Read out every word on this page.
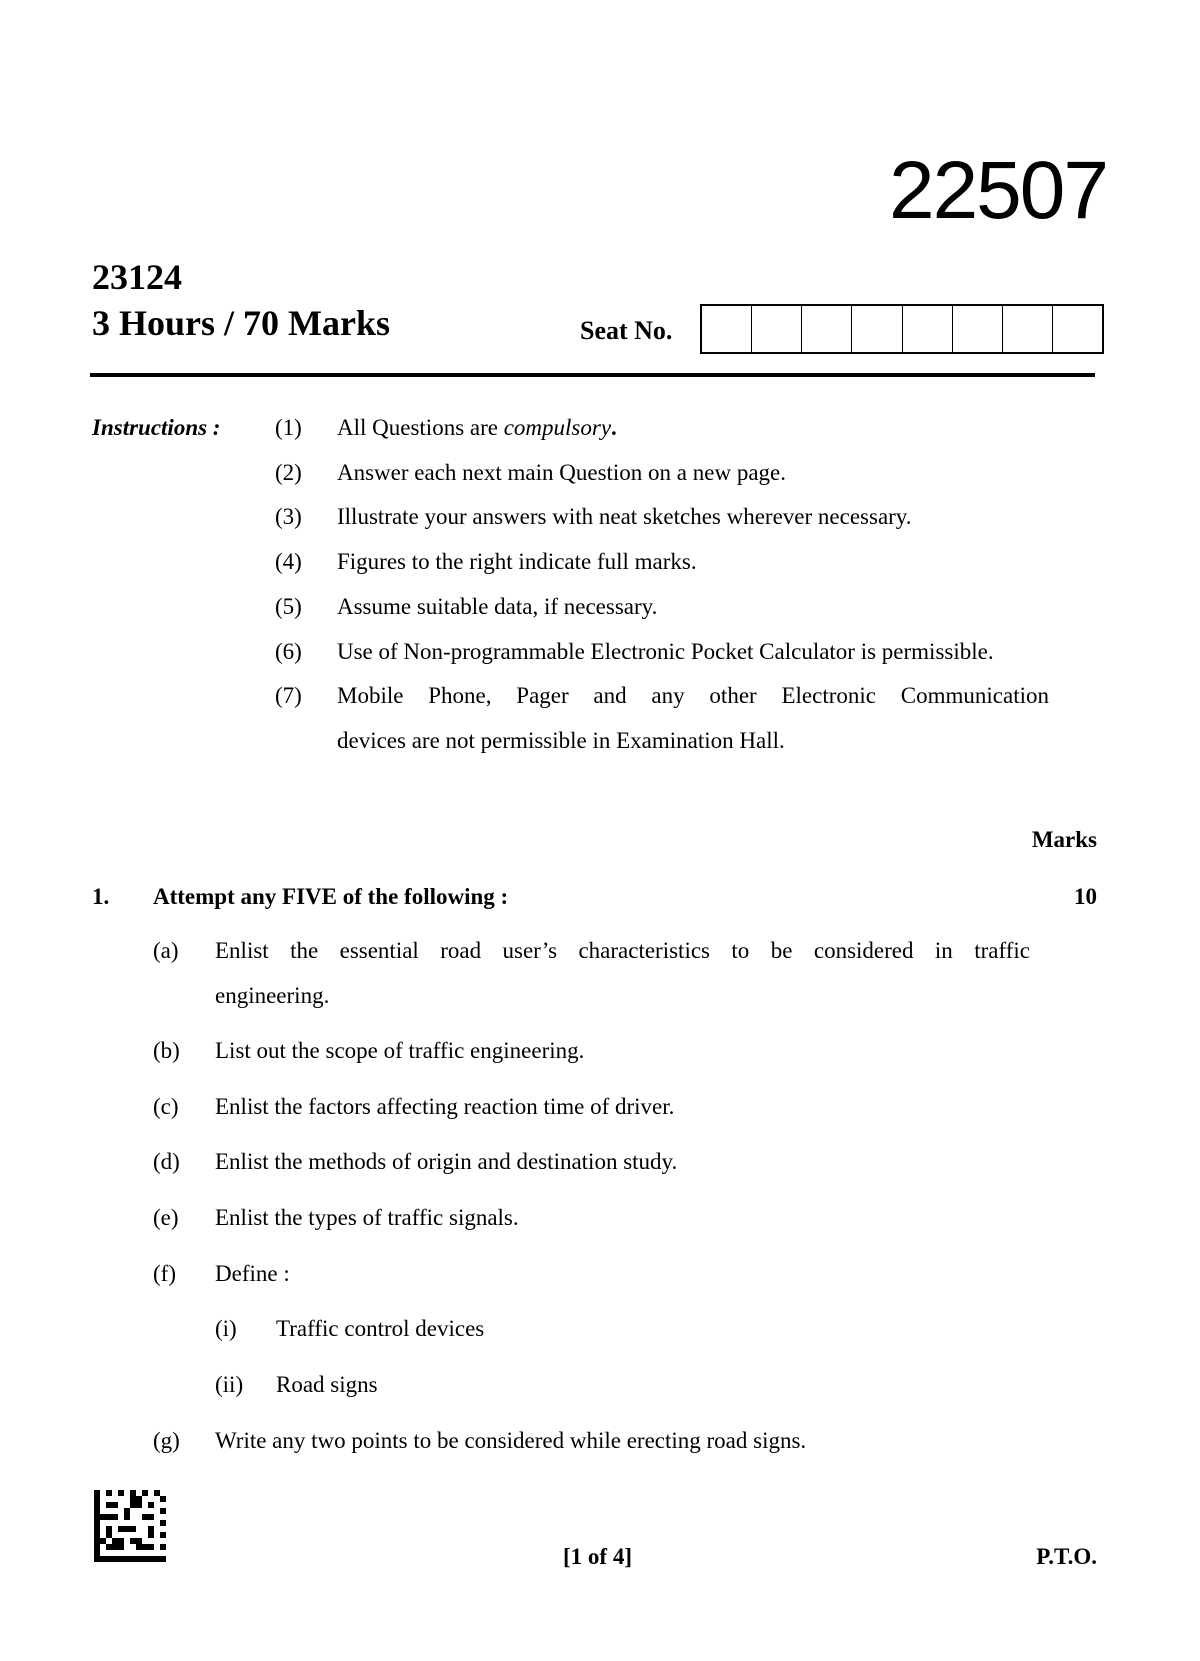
22507
23124
3 Hours / 70 Marks	Seat No.
Instructions : (1) All Questions are compulsory.
(2) Answer each next main Question on a new page.
(3) Illustrate your answers with neat sketches wherever necessary.
(4) Figures to the right indicate full marks.
(5) Assume suitable data, if necessary.
(6) Use of Non-programmable Electronic Pocket Calculator is permissible.
(7) Mobile Phone, Pager and any other Electronic Communication
devices are not permissible in Examination Hall.
Marks
1. Attempt any FIVE of the following :	10
(a) Enlist the essential road user’s characteristics to be considered in traffic
engineering.
(b) List out the scope of traffic engineering.
(c) Enlist the factors affecting reaction time of driver.
(d) Enlist the methods of origin and destination study.
(e) Enlist the types of traffic signals.
(f) Define :
(i) Traffic control devices
(ii) Road signs
(g) Write any two points to be considered while erecting road signs.
[1 of 4]	P.T.O.
